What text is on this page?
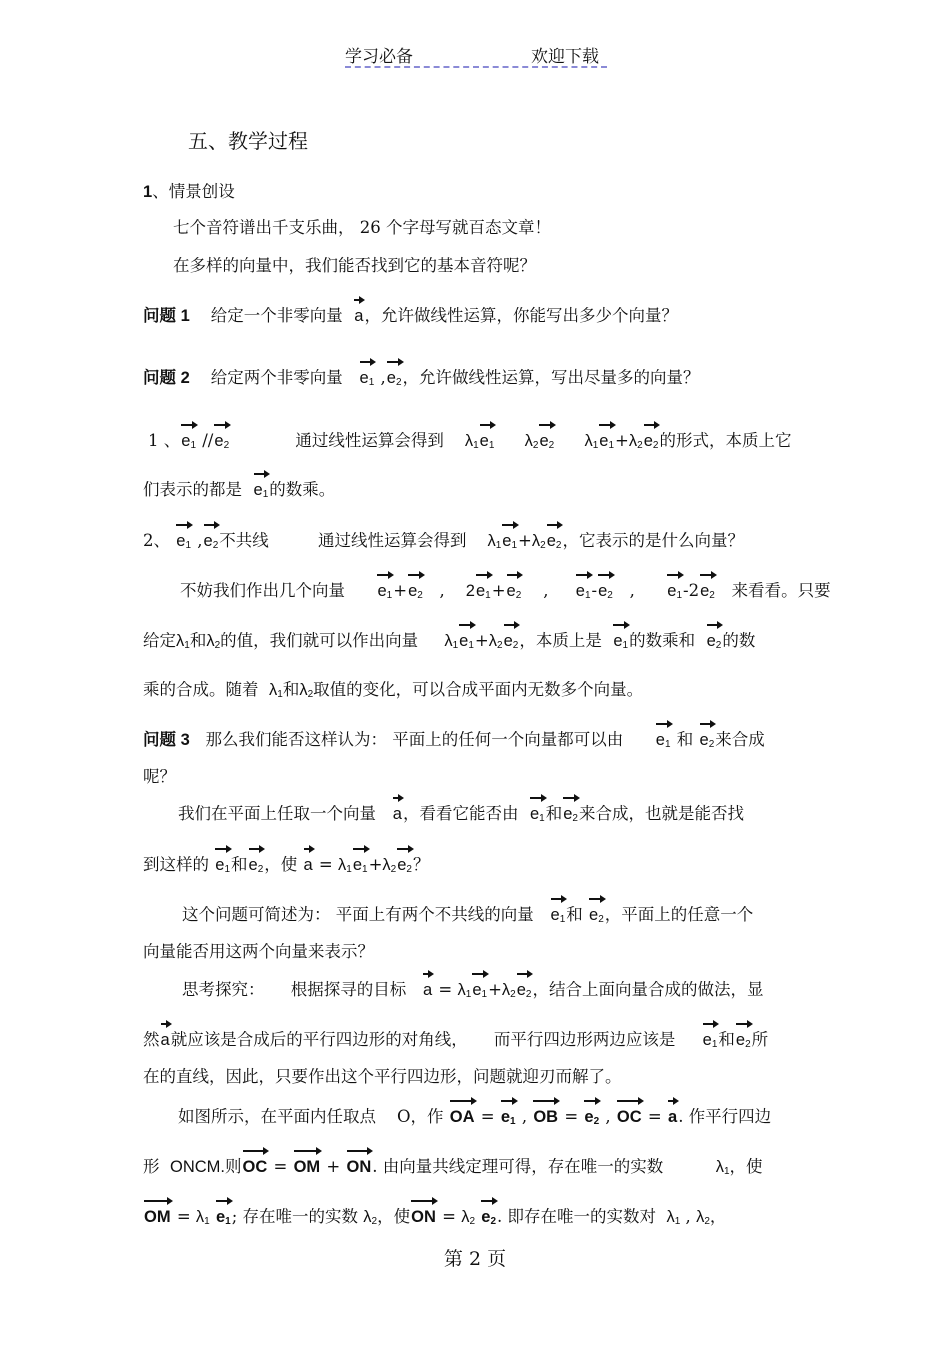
学习必备	欢迎下载
五、教学过程
1、情景创设
七个音符谱出千支乐曲， 26 个字母写就百态文章！
在多样的向量中，我们能否找到它的基本音符呢？
问题 1 给定一个非零向量 a，允许做线性运算，你能写出多少个向量？
问题 2 给定两个非零向量 $e_1$ $,e_2$，允许做线性运算，写出尽量多的向量？
1 、$e_1$ $//e_2$	通过线性运算会得到 $\lambda_1e_1$ $\lambda_2e_2$ $\lambda_1e_1+\lambda_2e_2$的形式，本质上它
们表示的都是 $e_1$的数乘。
2、 $e_1$ $,e_2$不共线	通过线性运算会得到 $\lambda_1e_1+\lambda_2e_2$，它表示的是什么向量？
不妨我们作出几个向量 $e_1+e_2$   ,    $2e_1+e_2$    ,     $e_1-e_2$   ,      $e_1-2e_2$ 来看看。只要
给定$\lambda_1$和$\lambda_2$的值，我们就可以作出向量 $\lambda_1e_1+\lambda_2e_2$，本质上是 $e_1$的数乘和 $e_2$的数
乘的合成。随着 $\lambda_1$和$\lambda_2$取值的变化，可以合成平面内无数多个向量。
问题 3 那么我们能否这样认为： 平面上的任何一个向量都可以由 $e_1$ 和 $e_2$来合成
呢？
我们在平面上任取一个向量 a，看看它能否由 $e_1$和$e_2$来合成，也就是能否找
到这样的 $e_1$和$e_2$，使 $a = \lambda_1e_1+\lambda_2e_2$？
这个问题可简述为： 平面上有两个不共线的向量 $e_1$和 $e_2$，平面上的任意一个
向量能否用这两个向量来表示？
思考探究： 根据探寻的目标 $a = \lambda_1e_1+\lambda_2e_2$，结合上面向量合成的做法，显
然a就应该是合成后的平行四边形的对角线， 而平行四边形两边应该是 $e_1$和$e_2$所
在的直线，因此，只要作出这个平行四边形，问题就迎刃而解了。
如图所示，在平面内任取点 O，作 OA = $e_1$ , OB = $e_2$ , OC = a. 作平行四边
形 ONCM.则OC = OM + ON. 由向量共线定理可得，存在唯一的实数	$\lambda_1$，使
OM = $\lambda_1$ $e_1$; 存在唯一的实数 $\lambda_2$，使ON = $\lambda_2$ $e_2$. 即存在唯一的实数对 $\lambda_1$ , $\lambda_2$，
第 2 页
